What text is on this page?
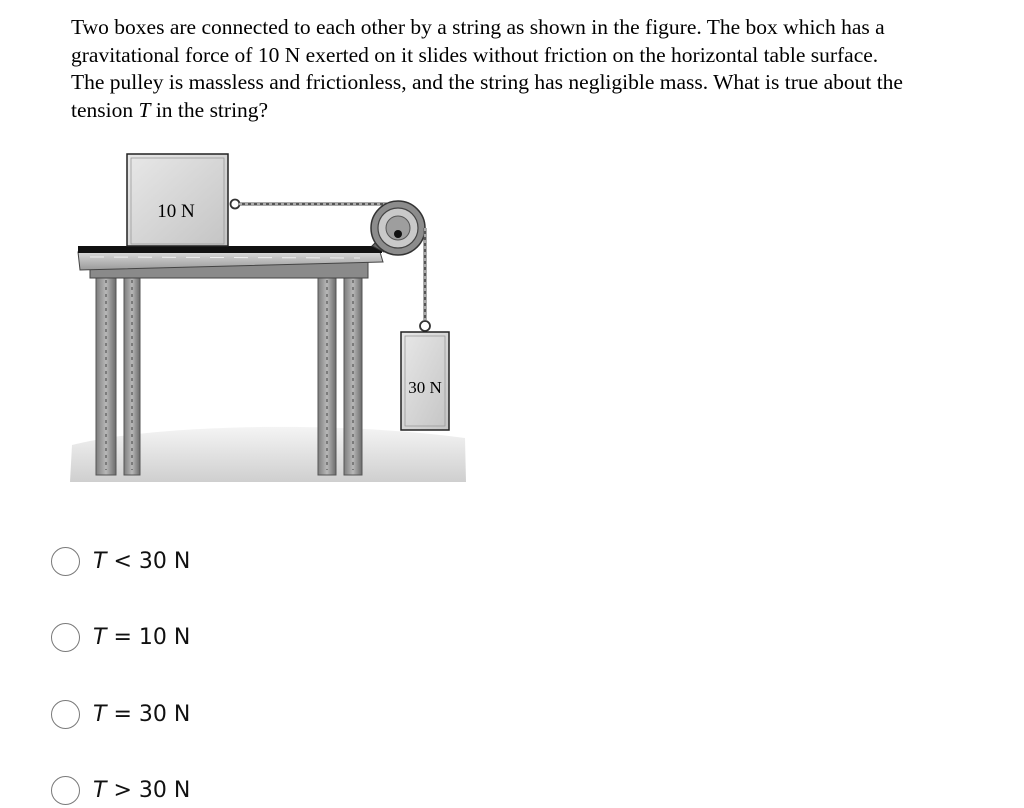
Two boxes are connected to each other by a string as shown in the figure. The box which has a
gravitational force of 10 N exerted on it slides without friction on the horizontal table surface.
The pulley is massless and frictionless, and the string has negligible mass. What is true about the
tension T in the string?

10 N
30 N
T < 30 N
T = 10 N
T = 30 N
T > 30 N
